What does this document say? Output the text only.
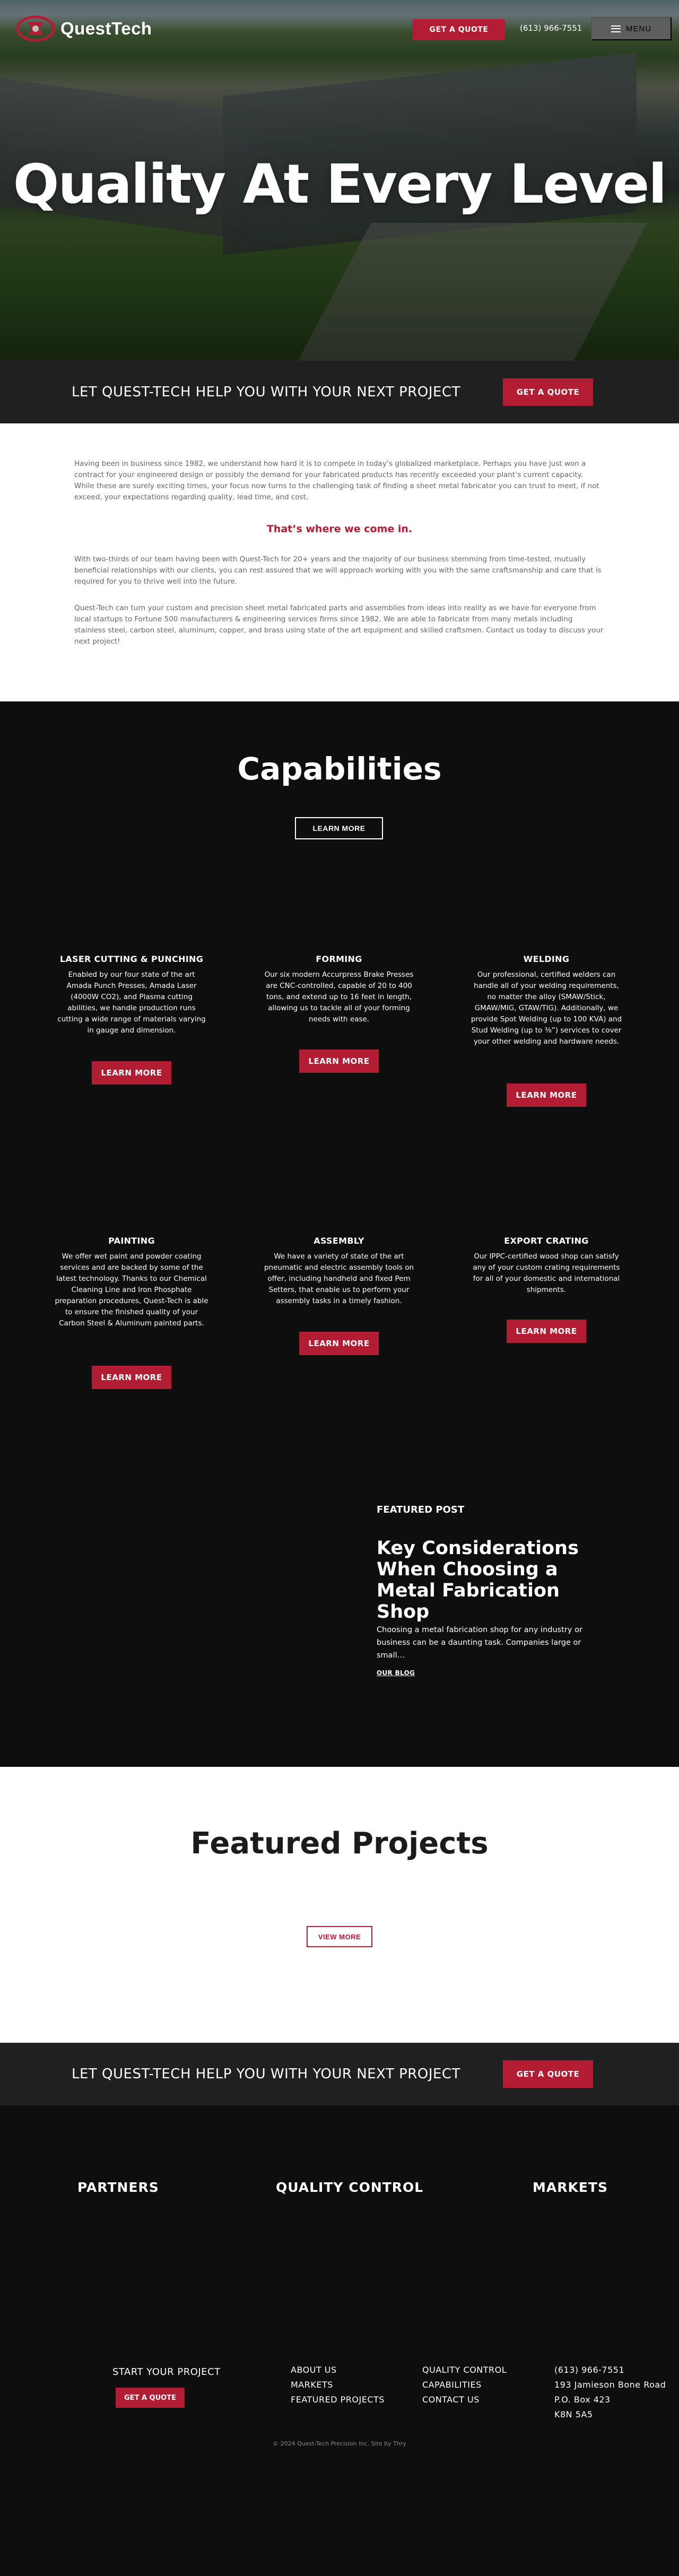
Quality At Every Level
QuestTech	GET A QUOTE	(613) 966-7551	MENU
LET QUEST-TECH HELP YOU WITH YOUR NEXT PROJECT	GET A QUOTE

Having been in business since 1982, we understand how hard it is to compete in today’s globalized marketplace. Perhaps you have just won a contract for your engineered design or possibly the demand for your fabricated products has recently exceeded your plant’s current capacity. While these are surely exciting times, your focus now turns to the challenging task of finding a sheet metal fabricator you can trust to meet, if not exceed, your expectations regarding quality, lead time, and cost.

That’s where we come in.

With two-thirds of our team having been with Quest-Tech for 20+ years and the majority of our business stemming from time-tested, mutually beneficial relationships with our clients, you can rest assured that we will approach working with you with the same craftsmanship and care that is required for you to thrive well into the future.

Quest-Tech can turn your custom and precision sheet metal fabricated parts and assemblies from ideas into reality as we have for everyone from local startups to Fortune 500 manufacturers & engineering services firms since 1982. We are able to fabricate from many metals including stainless steel, carbon steel, aluminum, copper, and brass using state of the art equipment and skilled craftsmen. Contact us today to discuss your next project!

Capabilities
LEARN MORE
LASER CUTTING & PUNCHING
Enabled by our four state of the art Amada Punch Presses, Amada Laser (4000W CO2), and Plasma cutting abilities, we handle production runs cutting a wide range of materials varying in gauge and dimension.
LEARN MORE
FORMING
Our six modern Accurpress Brake Presses are CNC-controlled, capable of 20 to 400 tons, and extend up to 16 feet in length, allowing us to tackle all of your forming needs with ease.
LEARN MORE
WELDING
Our professional, certified welders can handle all of your welding requirements, no matter the alloy (SMAW/Stick, GMAW/MIG, GTAW/TIG). Additionally, we provide Spot Welding (up to 100 KVA) and Stud Welding (up to ⅜”) services to cover your other welding and hardware needs.
LEARN MORE
PAINTING
We offer wet paint and powder coating services and are backed by some of the latest technology. Thanks to our Chemical Cleaning Line and Iron Phosphate preparation procedures, Quest-Tech is able to ensure the finished quality of your Carbon Steel & Aluminum painted parts.
LEARN MORE
ASSEMBLY
We have a variety of state of the art pneumatic and electric assembly tools on offer, including handheld and fixed Pem Setters, that enable us to perform your assembly tasks in a timely fashion.
LEARN MORE
EXPORT CRATING
Our IPPC-certified wood shop can satisfy any of your custom crating requirements for all of your domestic and international shipments.
LEARN MORE
FEATURED POST
Key Considerations When Choosing a Metal Fabrication Shop

Choosing a metal fabrication shop for any industry or business can be a daunting task. Companies large or small…

OUR BLOG
Featured Projects
VIEW MORE
LET QUEST-TECH HELP YOU WITH YOUR NEXT PROJECT	GET A QUOTE
PARTNERS	QUALITY CONTROL	MARKETS
START YOUR PROJECT
GET A QUOTE
ABOUT US
MARKETS
FEATURED PROJECTS
QUALITY CONTROL
CAPABILITIES
CONTACT US
(613) 966-7551
193 Jamieson Bone Road
P.O. Box 423
K8N 5A5
© 2024 Quest-Tech Precision Inc. Site by Thry
